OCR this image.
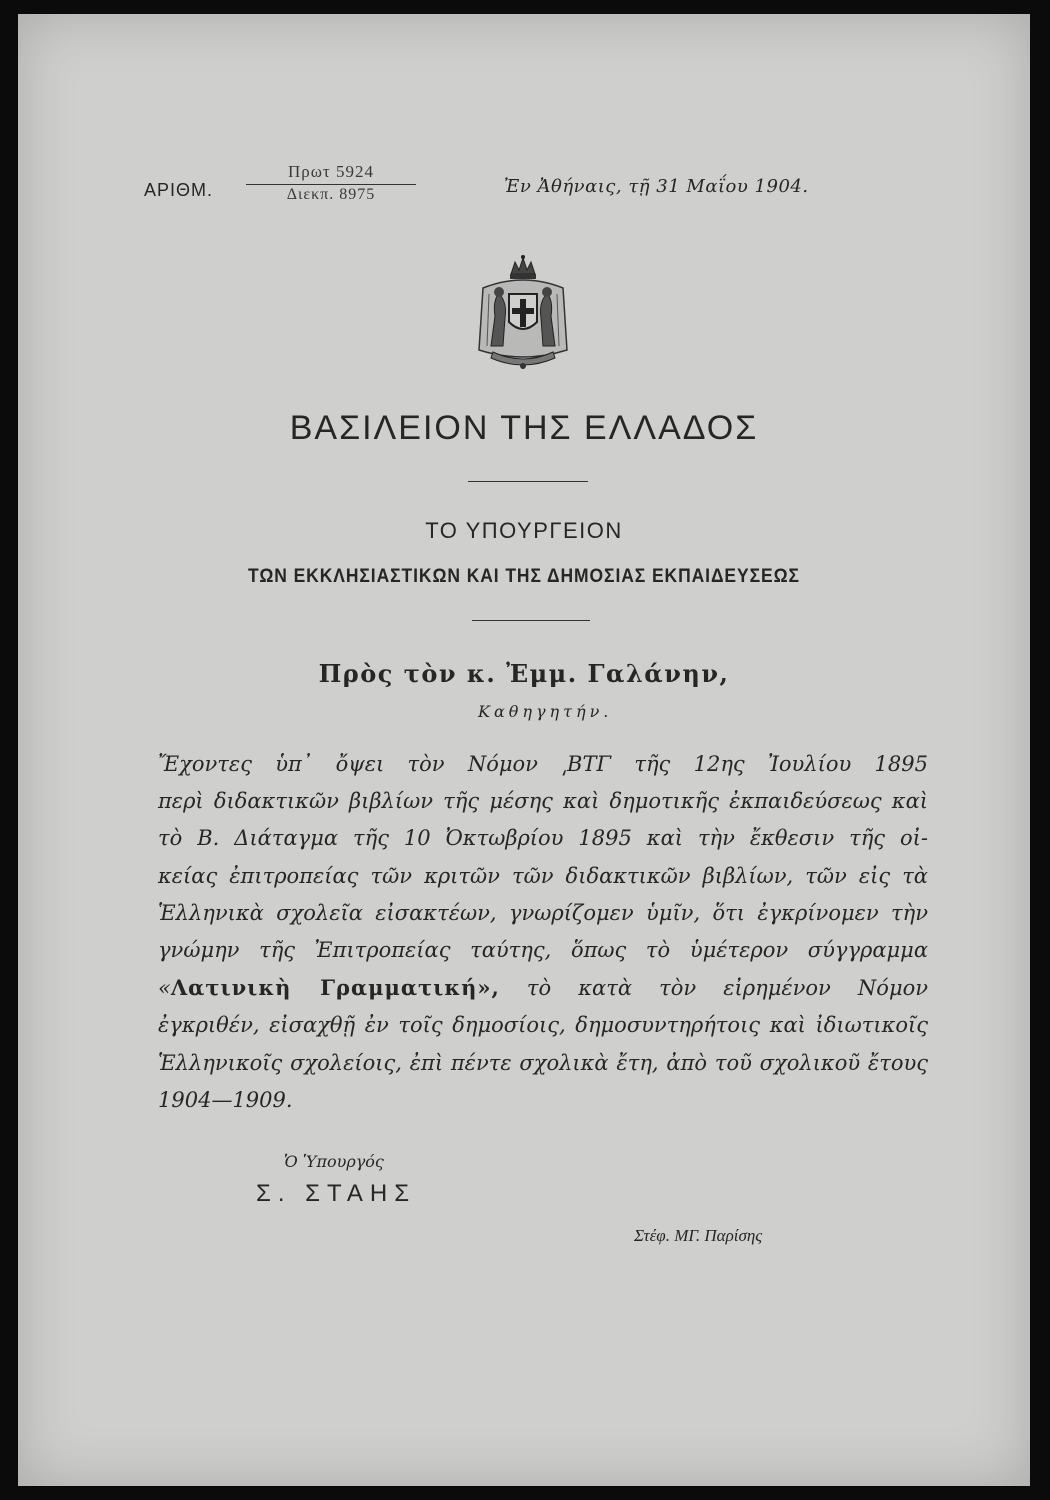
ΑΡΙΘΜ.
Πρωτ 5924
Διεκπ. 8975	Ἐν Ἀθήναις, τῇ 31 Μαΐου 1904.
ΒΑΣΙΛΕΙΟΝ ΤΗΣ ΕΛΛΑΔΟΣ
ΤΟ ΥΠΟΥΡΓΕΙΟΝ
ΤΩΝ ΕΚΚΛΗΣΙΑΣΤΙΚΩΝ ΚΑΙ ΤΗΣ ΔΗΜΟΣΙΑΣ ΕΚΠΑΙΔΕΥΣΕΩΣ
Πρὸς τὸν κ. Ἐμμ. Γαλάνην,
Καθηγητήν.
Ἔχοντες ὑπ᾽ ὄψει τὸν Νόμον ͵ΒΤΓ τῆς 12ης Ἰουλίου 1895
περὶ διδακτικῶν βιβλίων τῆς μέσης καὶ δημοτικῆς ἐκπαιδεύσεως καὶ
τὸ Β. Διάταγμα τῆς 10 Ὀκτωβρίου 1895 καὶ τὴν ἔκθεσιν τῆς οἰ-
κείας ἐπιτροπείας τῶν κριτῶν τῶν διδακτικῶν βιβλίων, τῶν εἰς τὰ
Ἑλληνικὰ σχολεῖα εἰσακτέων, γνωρίζομεν ὑμῖν, ὅτι ἐγκρίνομεν τὴν
γνώμην τῆς Ἐπιτροπείας ταύτης, ὅπως τὸ ὑμέτερον σύγγραμμα
«Λατινικὴ Γραμματική», τὸ κατὰ τὸν εἰρημένον Νόμον
ἐγκριθέν, εἰσαχθῇ ἐν τοῖς δημοσίοις, δημοσυντηρήτοις καὶ ἰδιωτικοῖς
Ἑλληνικοῖς σχολείοις, ἐπὶ πέντε σχολικὰ ἔτη, ἀπὸ τοῦ σχολικοῦ ἔτους
1904—1909.
Ὁ Ὑπουργός
Σ. ΣΤΑΗΣ
Στέφ. ΜΓ. Παρίσης
